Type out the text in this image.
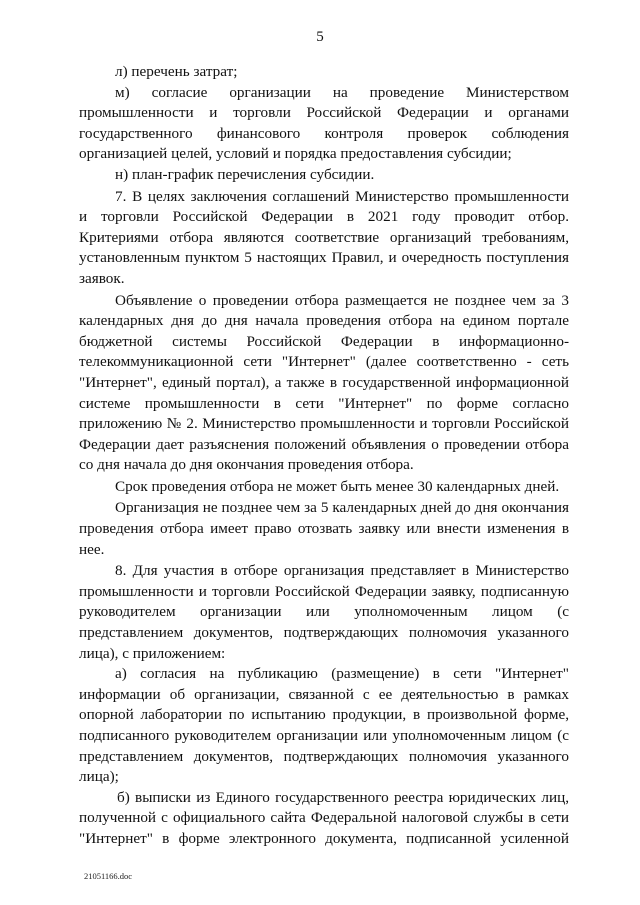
5

л) перечень затрат;

м) согласие организации на проведение Министерством промышленности и торговли Российской Федерации и органами государственного финансового контроля проверок соблюдения организацией целей, условий и порядка предоставления субсидии;

н) план-график перечисления субсидии.

7. В целях заключения соглашений Министерство промышленности и торговли Российской Федерации в 2021 году проводит отбор. Критериями отбора являются соответствие организаций требованиям, установленным пунктом 5 настоящих Правил, и очередность поступления заявок.

Объявление о проведении отбора размещается не позднее чем за 3 календарных дня до дня начала проведения отбора на едином портале бюджетной системы Российской Федерации в информационно-телекоммуникационной сети "Интернет" (далее соответственно - сеть "Интернет", единый портал), а также в государственной информационной системе промышленности в сети "Интернет" по форме согласно приложению № 2. Министерство промышленности и торговли Российской Федерации дает разъяснения положений объявления о проведении отбора со дня начала до дня окончания проведения отбора.

Срок проведения отбора не может быть менее 30 календарных дней.

Организация не позднее чем за 5 календарных дней до дня окончания проведения отбора имеет право отозвать заявку или внести изменения в нее.

8. Для участия в отборе организация представляет в Министерство промышленности и торговли Российской Федерации заявку, подписанную руководителем организации или уполномоченным лицом (с представлением документов, подтверждающих полномочия указанного лица), с приложением:

а) согласия на публикацию (размещение) в сети "Интернет" информации об организации, связанной с ее деятельностью в рамках опорной лаборатории по испытанию продукции, в произвольной форме, подписанного руководителем организации или уполномоченным лицом (с представлением документов, подтверждающих полномочия указанного лица);

б) выписки из Единого государственного реестра юридических лиц, полученной с официального сайта Федеральной налоговой службы в сети "Интернет" в форме электронного документа, подписанной усиленной

21051166.doc
